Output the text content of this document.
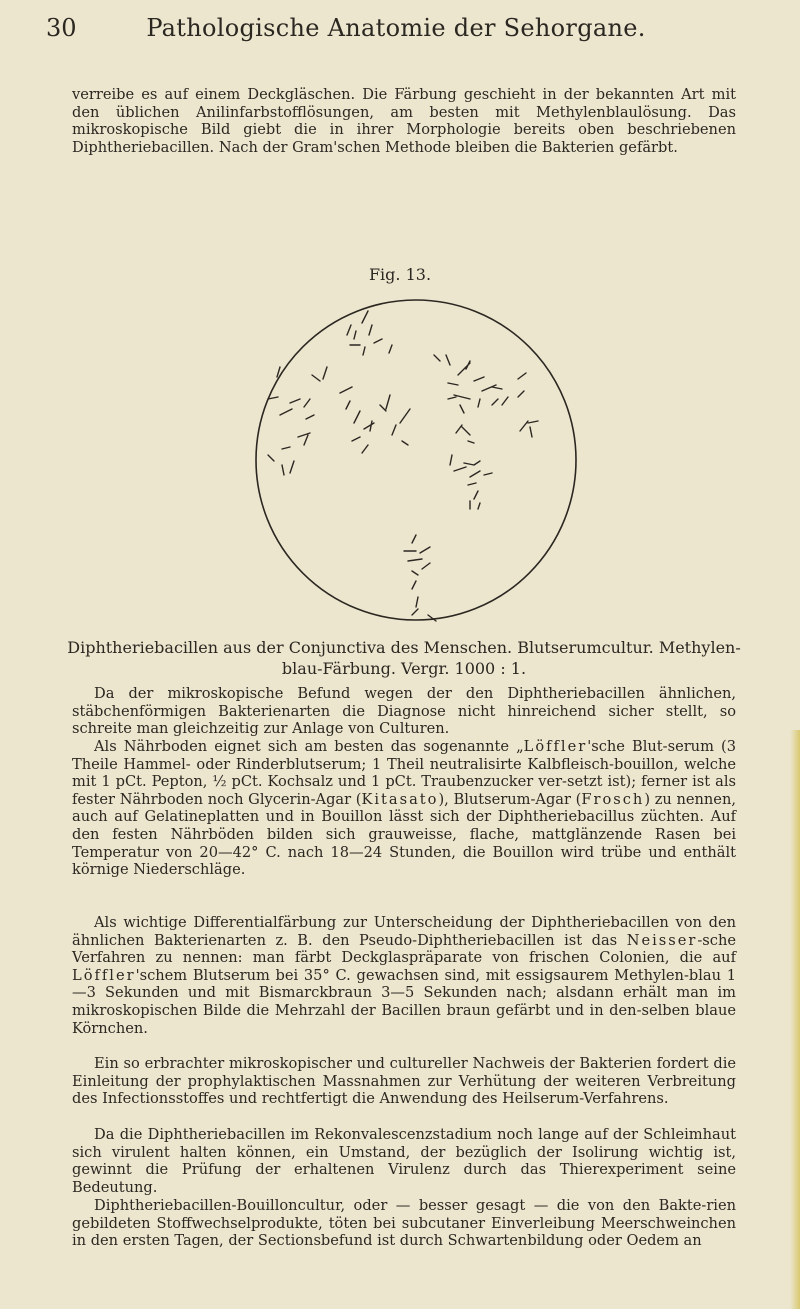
30	Pathologische Anatomie der Sehorgane.

verreibe es auf einem Deckgläschen. Die Färbung geschieht in der bekannten Art mit den üblichen Anilinfarbstofflösungen, am besten mit Methylenblaulösung. Das mikroskopische Bild giebt die in ihrer Morphologie bereits oben beschriebenen Diphtheriebacillen. Nach der Gram'schen Methode bleiben die Bakterien gefärbt.

Fig. 13.
Diphtheriebacillen aus der Conjunctiva des Menschen. Blutserumcultur. Methylen-blau-Färbung. Vergr. 1000 : 1.

Da der mikroskopische Befund wegen der den Diphtheriebacillen ähnlichen, stäbchenförmigen Bakterienarten die Diagnose nicht hinreichend sicher stellt, so schreite man gleichzeitig zur Anlage von Culturen.

Als Nährboden eignet sich am besten das sogenannte „Löffler'sche Blut-serum (3 Theile Hammel- oder Rinderblutserum; 1 Theil neutralisirte Kalbfleisch-bouillon, welche mit 1 pCt. Pepton, ½ pCt. Kochsalz und 1 pCt. Traubenzucker ver-setzt ist); ferner ist als fester Nährboden noch Glycerin-Agar (Kitasato), Blutserum-Agar (Frosch) zu nennen, auch auf Gelatineplatten und in Bouillon lässt sich der Diphtheriebacillus züchten. Auf den festen Nährböden bilden sich grauweisse, flache, mattglänzende Rasen bei Temperatur von 20—42° C. nach 18—24 Stunden, die Bouillon wird trübe und enthält körnige Niederschläge.

Als wichtige Differentialfärbung zur Unterscheidung der Diphtheriebacillen von den ähnlichen Bakterienarten z. B. den Pseudo-Diphtheriebacillen ist das Neisser-sche Verfahren zu nennen: man färbt Deckglaspräparate von frischen Colonien, die auf Löffler'schem Blutserum bei 35° C. gewachsen sind, mit essigsaurem Methylen-blau 1—3 Sekunden und mit Bismarckbraun 3—5 Sekunden nach; alsdann erhält man im mikroskopischen Bilde die Mehrzahl der Bacillen braun gefärbt und in den-selben blaue Körnchen.

Ein so erbrachter mikroskopischer und cultureller Nachweis der Bakterien fordert die Einleitung der prophylaktischen Massnahmen zur Verhütung der weiteren Verbreitung des Infectionsstoffes und rechtfertigt die Anwendung des Heilserum-Verfahrens.

Da die Diphtheriebacillen im Rekonvalescenzstadium noch lange auf der Schleimhaut sich virulent halten können, ein Umstand, der bezüglich der Isolirung wichtig ist, gewinnt die Prüfung der erhaltenen Virulenz durch das Thierexperiment seine Bedeutung.

Diphtheriebacillen-Bouilloncultur, oder — besser gesagt — die von den Bakte-rien gebildeten Stoffwechselprodukte, töten bei subcutaner Einverleibung Meerschweinchen in den ersten Tagen, der Sectionsbefund ist durch Schwartenbildung oder Oedem an
